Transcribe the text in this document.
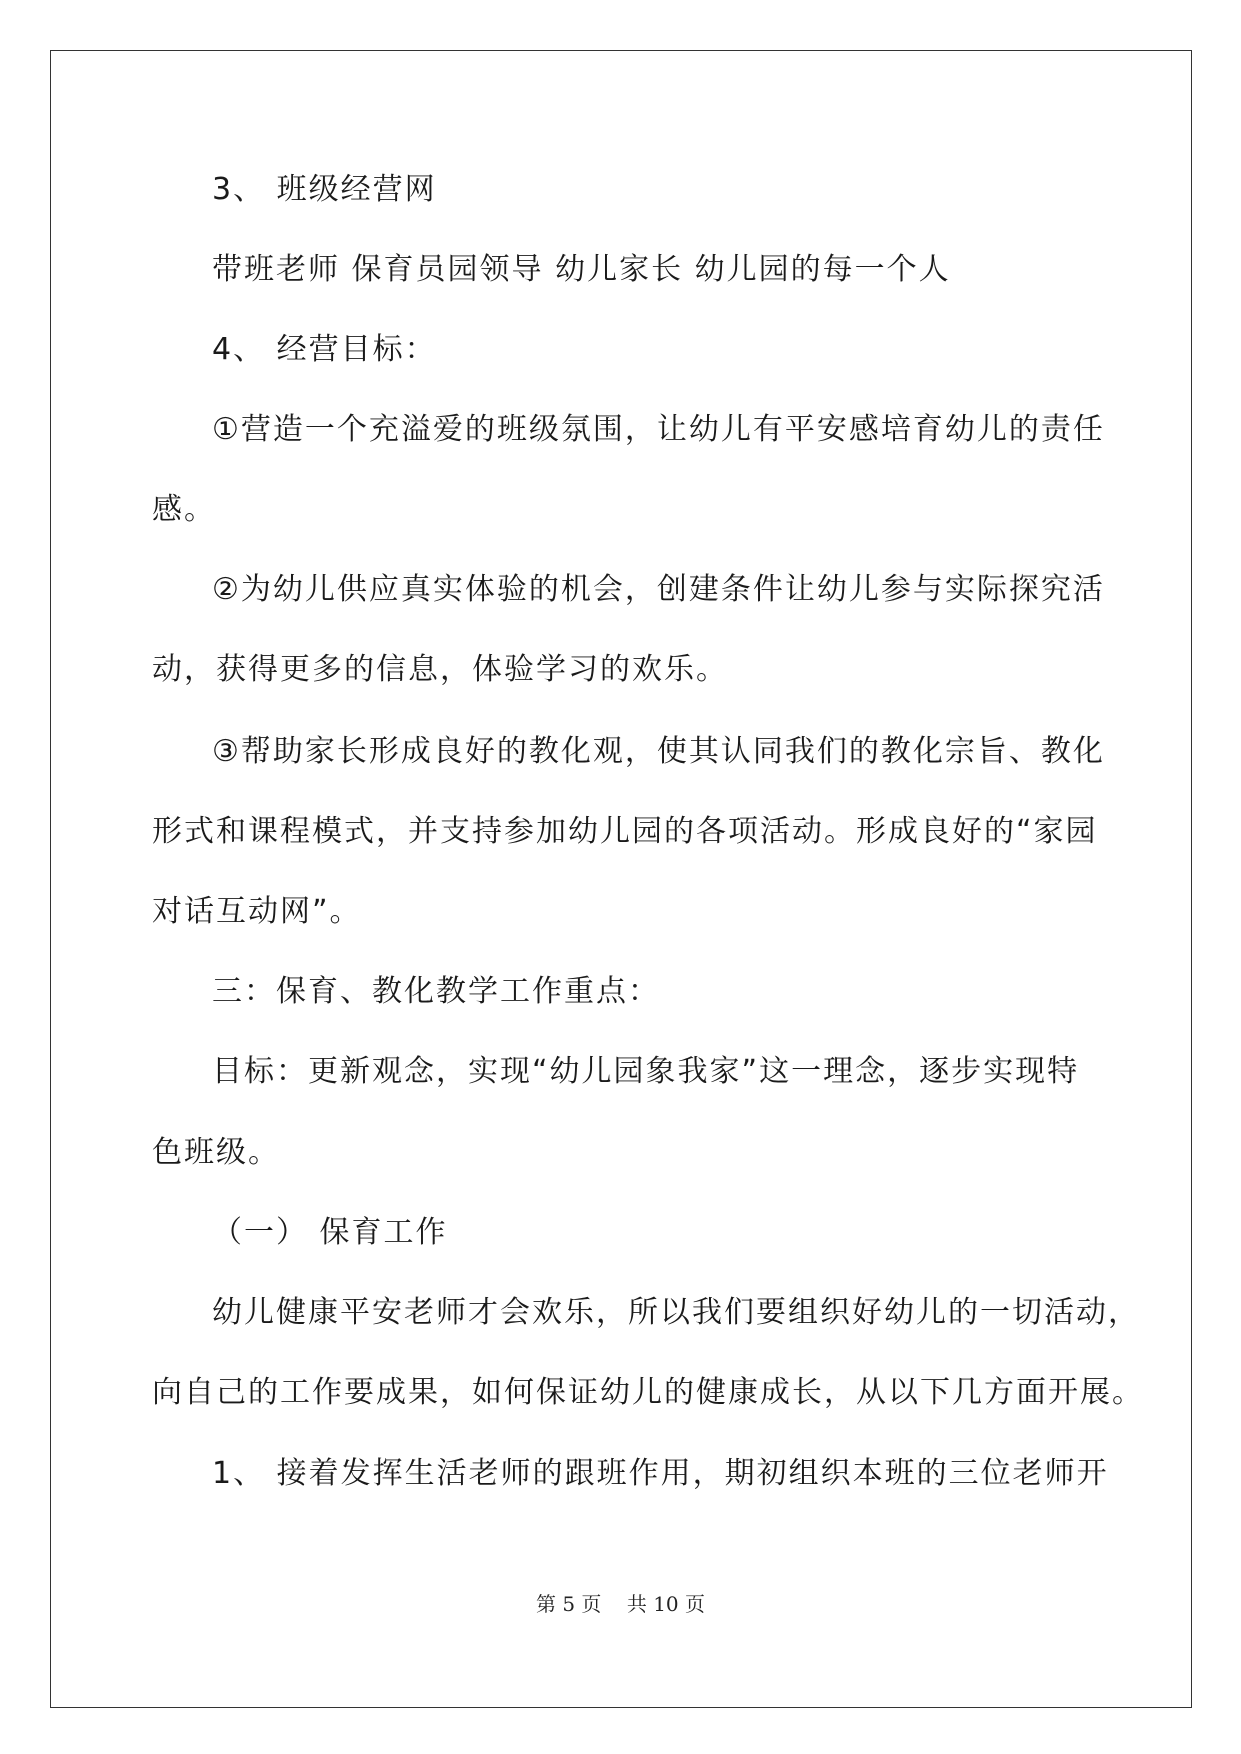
3、 班级经营网
带班老师 保育员园领导 幼儿家长 幼儿园的每一个人
4、 经营目标：
①营造一个充溢爱的班级氛围，让幼儿有平安感培育幼儿的责任
感。
②为幼儿供应真实体验的机会，创建条件让幼儿参与实际探究活
动，获得更多的信息，体验学习的欢乐。
③帮助家长形成良好的教化观，使其认同我们的教化宗旨、教化
形式和课程模式，并支持参加幼儿园的各项活动。形成良好的“家园
对话互动网”。
三：保育、教化教学工作重点：
目标：更新观念，实现“幼儿园象我家”这一理念，逐步实现特
色班级。
（一） 保育工作
幼儿健康平安老师才会欢乐，所以我们要组织好幼儿的一切活动，
向自己的工作要成果，如何保证幼儿的健康成长，从以下几方面开展。
1、 接着发挥生活老师的跟班作用，期初组织本班的三位老师开
第 5 页    共 10 页
